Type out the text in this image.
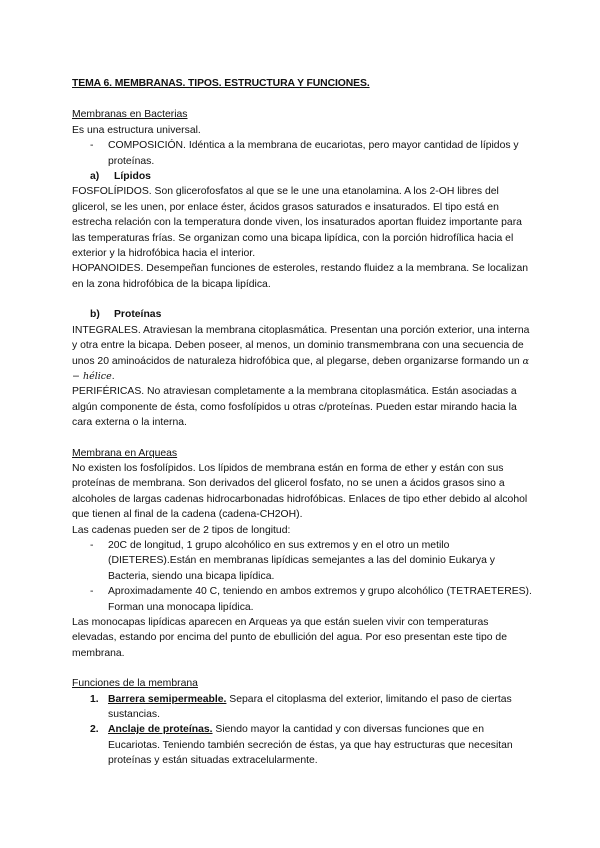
TEMA 6. MEMBRANAS. TIPOS. ESTRUCTURA Y FUNCIONES.

Membranas en Bacterias

Es una estructura universal.

- COMPOSICIÓN. Idéntica a la membrana de eucariotas, pero mayor cantidad de lípidos y proteínas.

a) Lípidos

FOSFOLÍPIDOS. Son glicerofosfatos al que se le une una etanolamina. A los 2-OH libres del glicerol, se les unen, por enlace éster, ácidos grasos saturados e insaturados. El tipo está en estrecha relación con la temperatura donde viven, los insaturados aportan fluidez importante para las temperaturas frías. Se organizan como una bicapa lipídica, con la porción hidrofílica hacia el exterior y la hidrofóbica hacia el interior.

HOPANOIDES. Desempeñan funciones de esteroles, restando fluidez a la membrana. Se localizan en la zona hidrofóbica de la bicapa lipídica.

b) Proteínas

INTEGRALES. Atraviesan la membrana citoplasmática. Presentan una porción exterior, una interna y otra entre la bicapa. Deben poseer, al menos, un dominio transmembrana con una secuencia de unos 20 aminoácidos de naturaleza hidrofóbica que, al plegarse, deben organizarse formando un α − hélice.

PERIFÉRICAS. No atraviesan completamente a la membrana citoplasmática. Están asociadas a algún componente de ésta, como fosfolípidos u otras c/proteínas. Pueden estar mirando hacia la cara externa o la interna.

Membrana en Arqueas

No existen los fosfolípidos. Los lípidos de membrana están en forma de ether y están con sus proteínas de membrana. Son derivados del glicerol fosfato, no se unen a ácidos grasos sino a alcoholes de largas cadenas hidrocarbonadas hidrofóbicas. Enlaces de tipo ether debido al alcohol que tienen al final de la cadena (cadena-CH2OH).

Las cadenas pueden ser de 2 tipos de longitud:

- 20C de longitud, 1 grupo alcohólico en sus extremos y en el otro un metilo (DIETERES).Están en membranas lipídicas semejantes a las del dominio Eukarya y Bacteria, siendo una bicapa lipídica.

- Aproximadamente 40 C, teniendo en ambos extremos y grupo alcohólico (TETRAETERES). Forman una monocapa lipídica.

Las monocapas lipídicas aparecen en Arqueas ya que están suelen vivir con temperaturas elevadas, estando por encima del punto de ebullición del agua. Por eso presentan este tipo de membrana.

Funciones de la membrana

1. Barrera semipermeable. Separa el citoplasma del exterior, limitando el paso de ciertas sustancias.

2. Anclaje de proteínas. Siendo mayor la cantidad y con diversas funciones que en Eucariotas. Teniendo también secreción de éstas, ya que hay estructuras que necesitan proteínas y están situadas extracelularmente.
